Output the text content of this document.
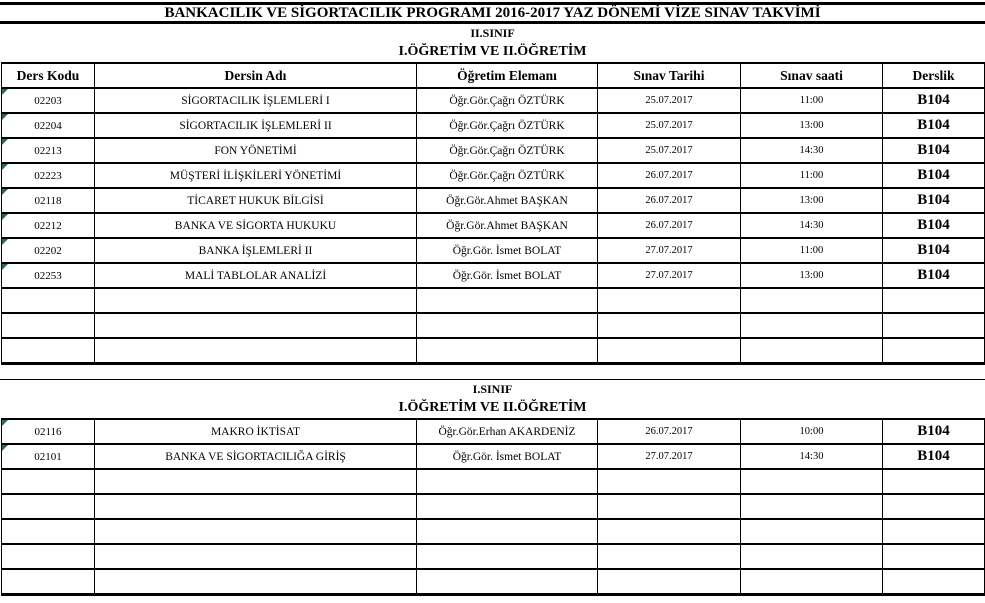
BANKACILIK VE SİGORTACILIK PROGRAMI 2016-2017 YAZ DÖNEMİ VİZE SINAV TAKVİMİ
II.SINIF
I.ÖĞRETİM VE II.ÖĞRETİM
Ders Kodu	Dersin Adı	Öğretim Elemanı	Sınav Tarihi	Sınav saati	Derslik

02203	SİGORTACILIK İŞLEMLERİ I	Öğr.Gör.Çağrı ÖZTÜRK	25.07.2017	11:00	B104

02204	SİGORTACILIK İŞLEMLERİ II	Öğr.Gör.Çağrı ÖZTÜRK	25.07.2017	13:00	B104

02213	FON YÖNETİMİ	Öğr.Gör.Çağrı ÖZTÜRK	25.07.2017	14:30	B104

02223	MÜŞTERİ İLİŞKİLERİ YÖNETİMİ	Öğr.Gör.Çağrı ÖZTÜRK	26.07.2017	11:00	B104

02118	TİCARET HUKUK BİLGİSİ	Öğr.Gör.Ahmet BAŞKAN	26.07.2017	13:00	B104

02212	BANKA VE SİGORTA HUKUKU	Öğr.Gör.Ahmet BAŞKAN	26.07.2017	14:30	B104

02202	BANKA İŞLEMLERİ II	Öğr.Gör. İsmet BOLAT	27.07.2017	11:00	B104

02253	MALİ TABLOLAR ANALİZİ	Öğr.Gör. İsmet BOLAT	27.07.2017	13:00	B104

I.SINIF
I.ÖĞRETİM VE II.ÖĞRETİM
02116	MAKRO İKTİSAT	Öğr.Gör.Erhan AKARDENİZ	26.07.2017	10:00	B104

02101	BANKA VE SİGORTACILIĞA GİRİŞ	Öğr.Gör. İsmet BOLAT	27.07.2017	14:30	B104
